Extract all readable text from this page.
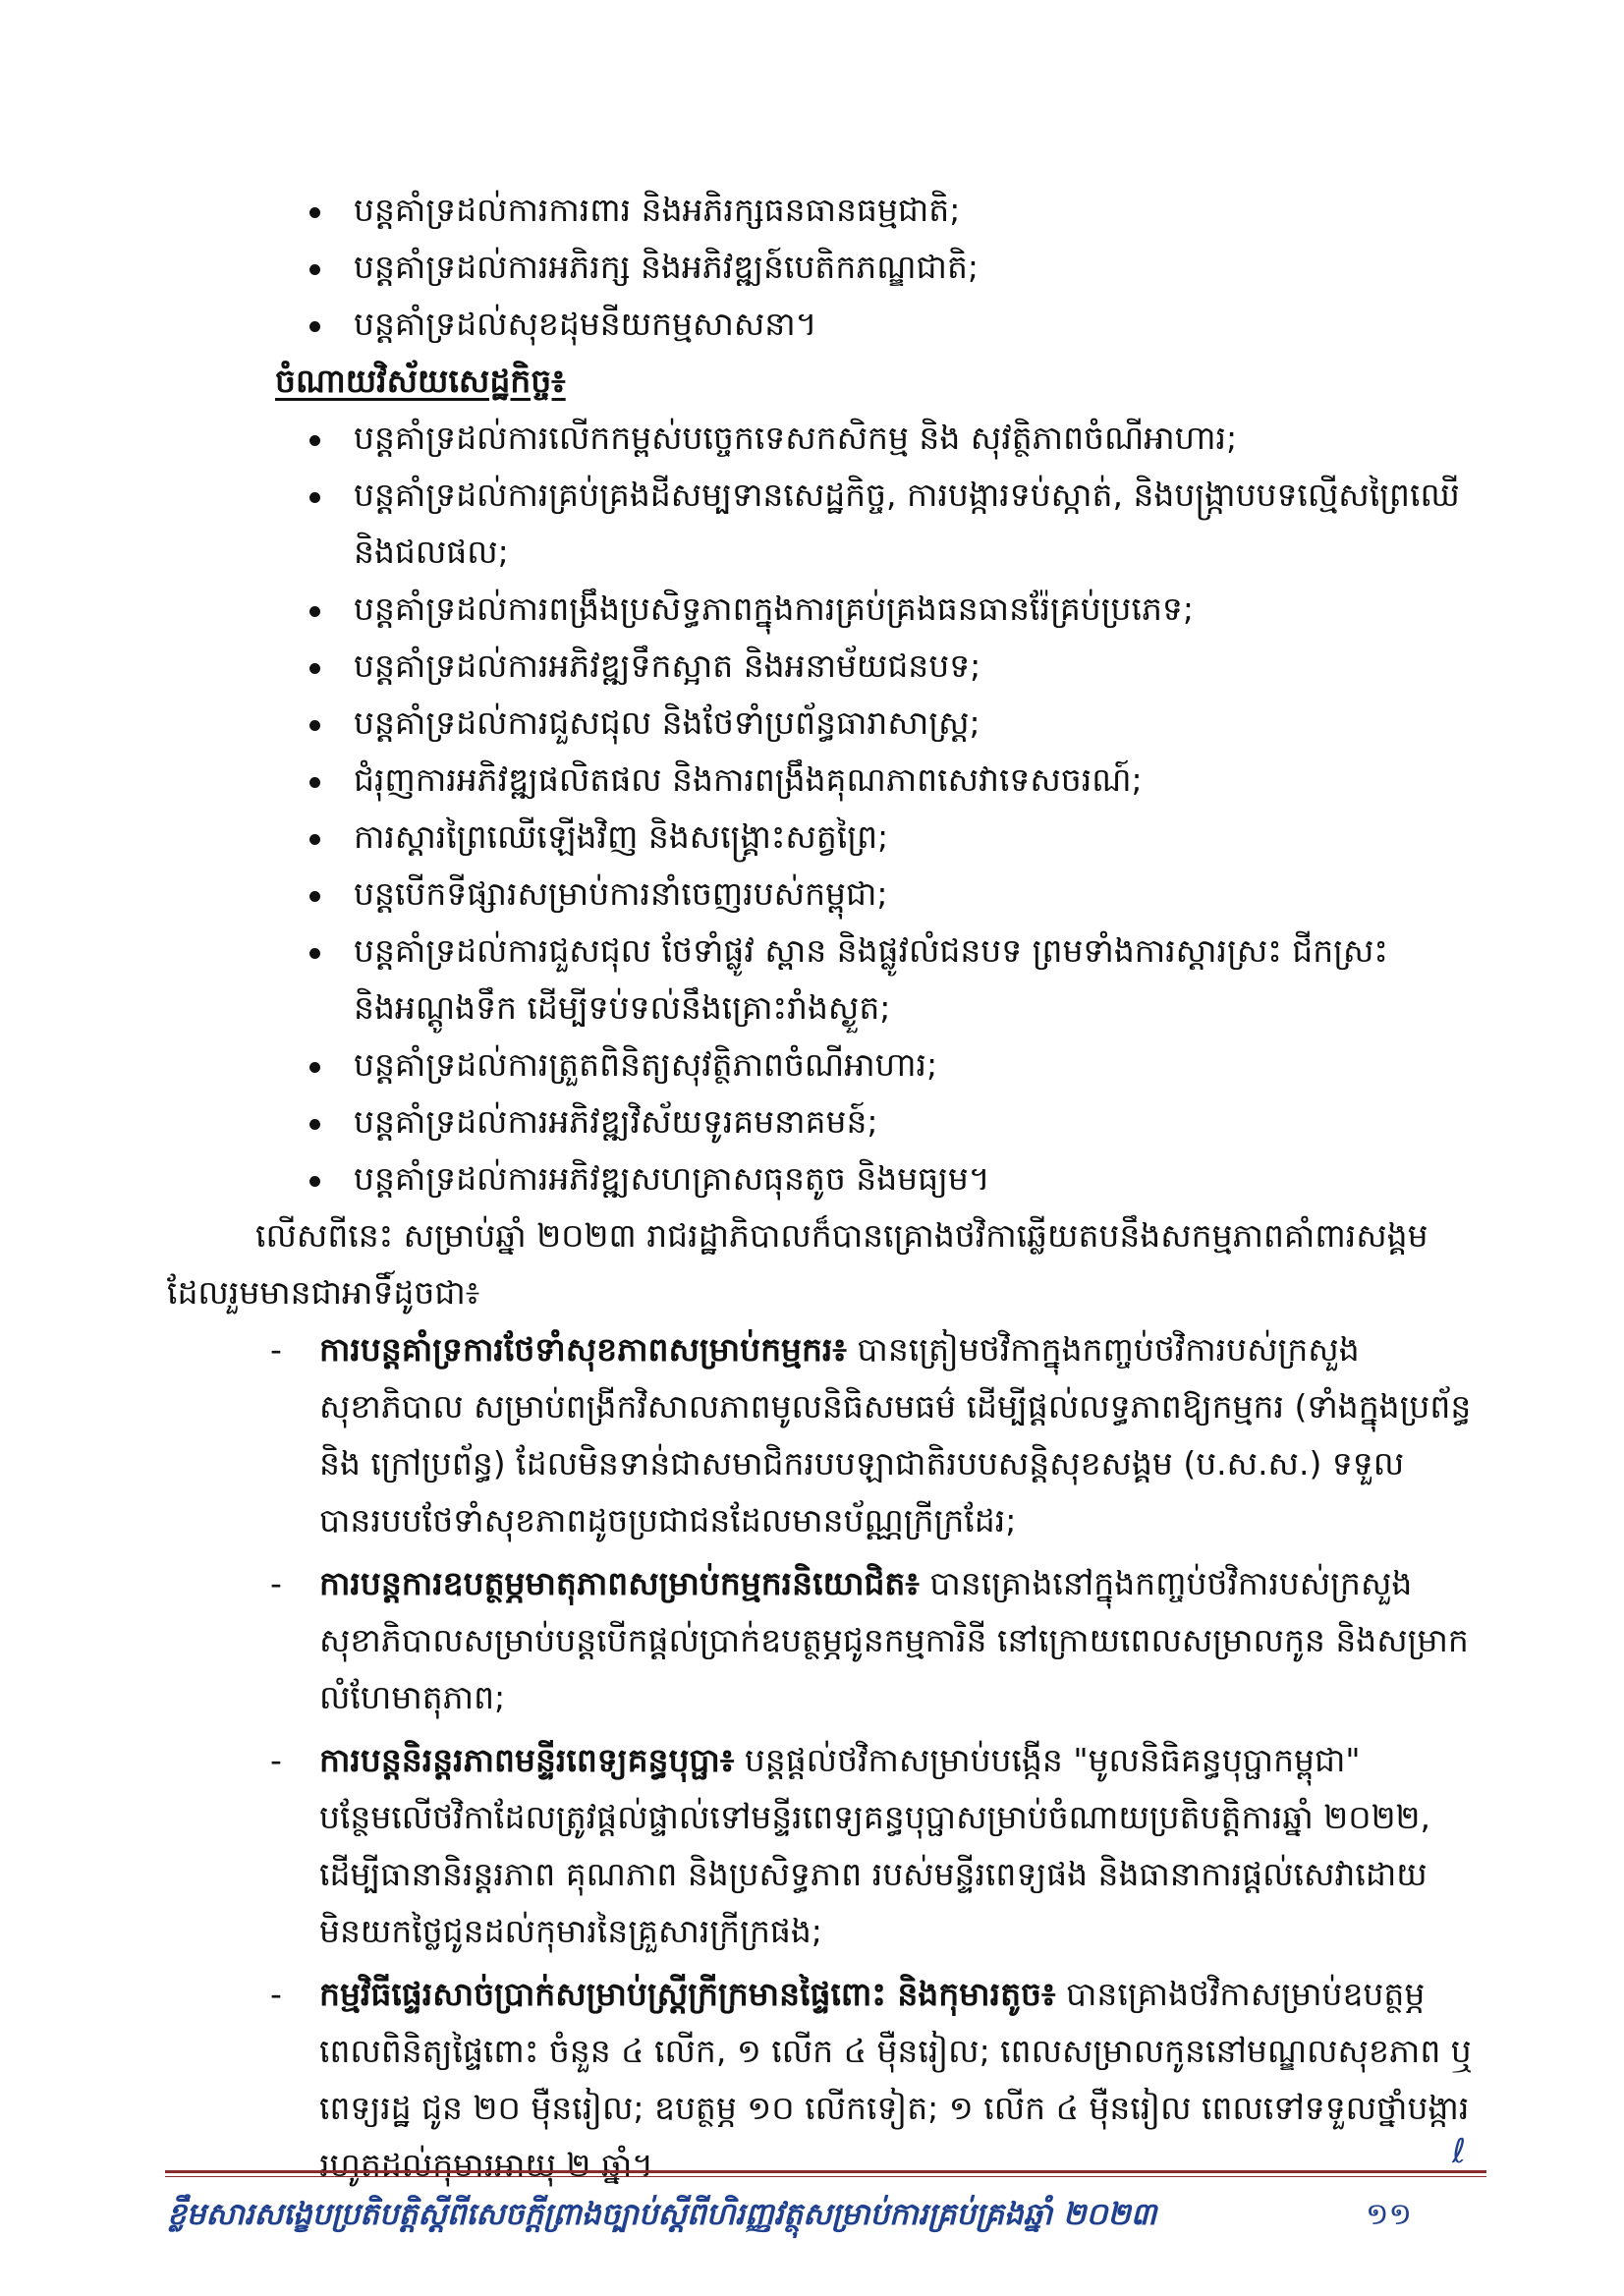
បន្តគាំទ្រដល់ការការពារ និងអភិរក្សធនធានធម្មជាតិ;

បន្តគាំទ្រដល់ការអភិរក្ស និងអភិវឌ្ឍន៍បេតិកភណ្ឌជាតិ;

បន្តគាំទ្រដល់សុខដុមនីយកម្មសាសនា។

ចំណាយវិស័យសេដ្ឋកិច្ច៖

បន្តគាំទ្រដល់ការលើកកម្ពស់បច្ចេកទេសកសិកម្ម និង សុវត្ថិភាពចំណីអាហារ;

បន្តគាំទ្រដល់ការគ្រប់គ្រងដីសម្បទានសេដ្ឋកិច្ច, ការបង្ការទប់ស្កាត់, និងបង្ក្រាបបទល្មើសព្រៃឈើ និងជលផល;

បន្តគាំទ្រដល់ការពង្រឹងប្រសិទ្ធភាពក្នុងការគ្រប់គ្រងធនធានរ៉ែគ្រប់ប្រភេទ;

បន្តគាំទ្រដល់ការអភិវឌ្ឍទឹកស្អាត និងអនាម័យជនបទ;

បន្តគាំទ្រដល់ការជួសជុល និងថែទាំប្រព័ន្ធធារាសាស្ត្រ;

ជំរុញការអភិវឌ្ឍផលិតផល និងការពង្រឹងគុណភាពសេវាទេសចរណ៍;

ការស្តារព្រៃឈើឡើងវិញ និងសង្គ្រោះសត្វព្រៃ;

បន្តបើកទីផ្សារសម្រាប់ការនាំចេញរបស់កម្ពុជា;

បន្តគាំទ្រដល់ការជួសជុល ថែទាំផ្លូវ ស្ពាន និងផ្លូវលំជនបទ ព្រមទាំងការស្តារស្រះ ជីកស្រះ និងអណ្តូងទឹក ដើម្បីទប់ទល់នឹងគ្រោះរាំងស្ងួត;

បន្តគាំទ្រដល់ការត្រួតពិនិត្យសុវត្ថិភាពចំណីអាហារ;

បន្តគាំទ្រដល់ការអភិវឌ្ឍវិស័យទូរគមនាគមន៍;

បន្តគាំទ្រដល់ការអភិវឌ្ឍសហគ្រាសធុនតូច និងមធ្យម។

លើសពីនេះ សម្រាប់ឆ្នាំ ២០២៣ រាជរដ្ឋាភិបាលក៏បានគ្រោងថវិកាឆ្លើយតបនឹងសកម្មភាពគាំពារសង្គម ដែលរួមមានជាអាទិ៍ដូចជា៖

- ការបន្តគាំទ្រការថែទាំសុខភាពសម្រាប់កម្មករ៖ បានត្រៀមថវិកាក្នុងកញ្ចប់ថវិការបស់ក្រសួងសុខាភិបាល សម្រាប់ពង្រីកវិសាលភាពមូលនិធិសមធម៌ ដើម្បីផ្តល់លទ្ធភាពឱ្យកម្មករ (ទាំងក្នុងប្រព័ន្ធ និង ក្រៅប្រព័ន្ធ) ដែលមិនទាន់ជាសមាជិករបបឡាជាតិរបបសន្តិសុខសង្គម (ប.ស.ស.) ទទួលបានរបបថែទាំសុខភាពដូចប្រជាជនដែលមានប័ណ្ណក្រីក្រដែរ;

- ការបន្តការឧបត្ថម្ភមាតុភាពសម្រាប់កម្មករនិយោជិត៖ បានគ្រោងនៅក្នុងកញ្ចប់ថវិការបស់ក្រសួងសុខាភិបាលសម្រាប់បន្តបើកផ្តល់ប្រាក់ឧបត្ថម្ភជូនកម្មការិនី នៅក្រោយពេលសម្រាលកូន និងសម្រាកលំហែមាតុភាព;

- ការបន្តនិរន្តរភាពមន្ទីរពេទ្យគន្ធបុប្ផា៖ បន្តផ្តល់ថវិកាសម្រាប់បង្កើន "មូលនិធិគន្ធបុប្ផាកម្ពុជា" បន្ថែមលើថវិកាដែលត្រូវផ្តល់ផ្ទាល់ទៅមន្ទីរពេទ្យគន្ធបុប្ផាសម្រាប់ចំណាយប្រតិបត្តិការឆ្នាំ ២០២២, ដើម្បីធានានិរន្តរភាព គុណភាព និងប្រសិទ្ធភាព របស់មន្ទីរពេទ្យផង និងធានាការផ្តល់សេវាដោយមិនយកថ្លៃជូនដល់កុមារនៃគ្រួសារក្រីក្រផង;

- កម្មវិធីផ្ទេរសាច់ប្រាក់សម្រាប់ស្ត្រីក្រីក្រមានផ្ទៃពោះ និងកុមារតូច៖ បានគ្រោងថវិកាសម្រាប់ឧបត្ថម្ភពេលពិនិត្យផ្ទៃពោះ ចំនួន ៤ លើក, ១ លើក ៤ ម៉ឺនរៀល; ពេលសម្រាលកូននៅមណ្ឌលសុខភាព ឬពេទ្យរដ្ឋ ជូន ២០ ម៉ឺនរៀល; ឧបត្ថម្ភ ១០ លើកទៀត; ១ លើក ៤ ម៉ឺនរៀល ពេលទៅទទួលថ្នាំបង្ការរហូតដល់កុមារអាយុ ២ ឆ្នាំ។	ℓ
ខ្លឹមសារសង្ខេបប្រតិបត្តិស្តីពីសេចក្តីព្រាងច្បាប់ស្តីពីហិរញ្ញវត្ថុសម្រាប់ការគ្រប់គ្រងឆ្នាំ ២០២៣	១១
